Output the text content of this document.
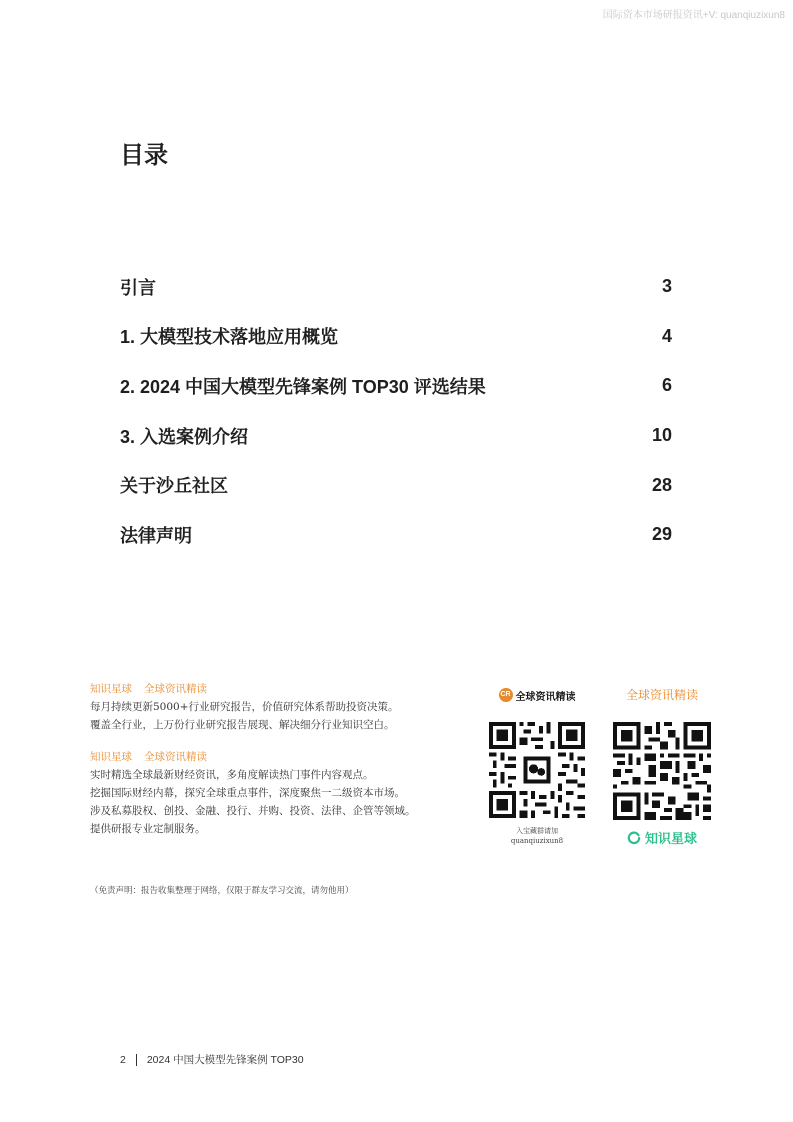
国际资本市场研报资讯+V: quanqiuzixun8
目录
引言	3
1. 大模型技术落地应用概览	4
2. 2024 中国大模型先锋案例 TOP30 评选结果	6
3. 入选案例介绍	10
关于沙丘社区	28
法律声明	29
知识星球 全球资讯精读
每月持续更新5000+行业研究报告，价值研究体系帮助投资决策。
覆盖全行业，上万份行业研究报告展现、解决细分行业知识空白。
知识星球 全球资讯精读
实时精选全球最新财经资讯，多角度解读热门事件内容观点。
挖掘国际财经内幕，探究全球重点事件，深度聚焦一二级资本市场。
涉及私募股权、创投、金融、投行、并购、投资、法律、企管等领域。
提供研报专业定制服务。
CR 全球资讯精读
入宝藏群请加
quanqiuzixun8
全球资讯精读
知识星球
（免责声明：报告收集整理于网络，仅限于群友学习交流，请勿他用）
2 2024 中国大模型先锋案例 TOP30
